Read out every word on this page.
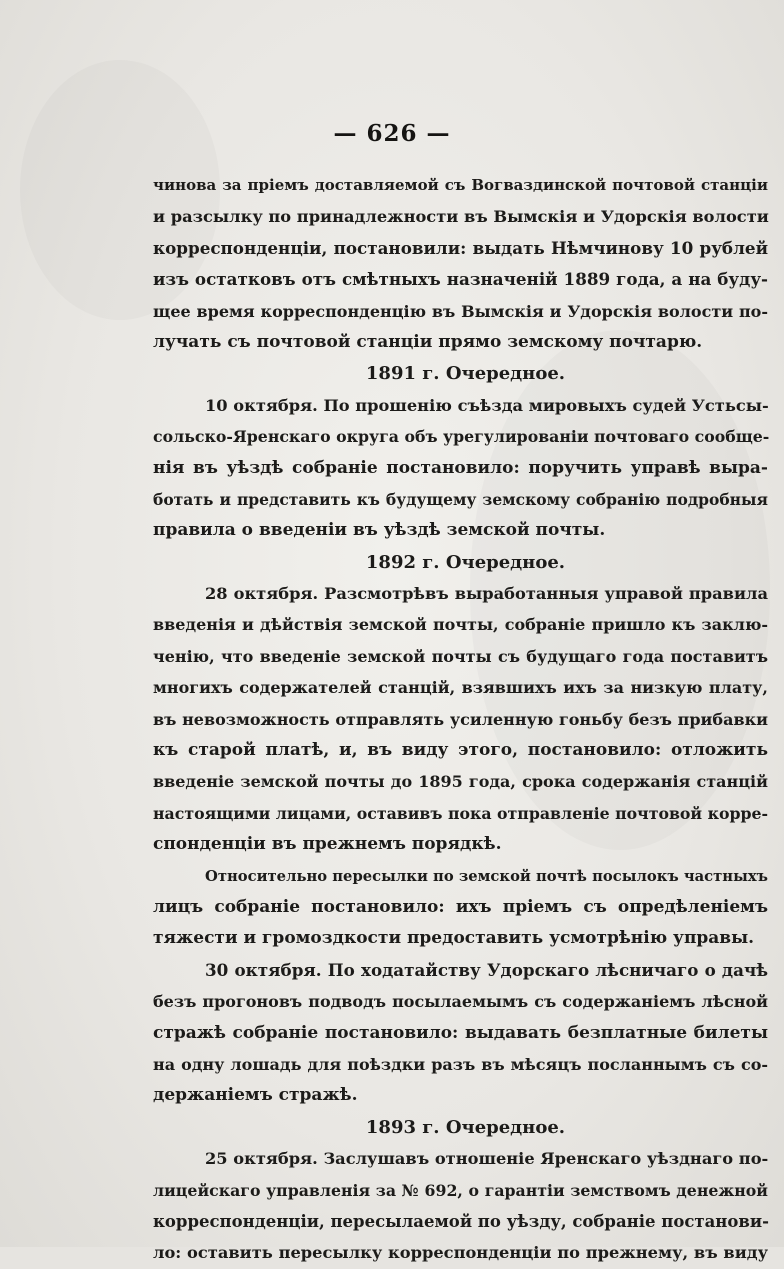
— 626 —
чинова за пріемъ доставляемой съ Вогваздинской почтовой станціи
и разсылку по принадлежности въ Вымскія и Удорскія волости
корреспонденціи, постановили: выдать Нѣмчинову 10 рублей
изъ остатковъ отъ смѣтныхъ назначеній 1889 года, а на буду-
щее время корреспонденцію въ Вымскія и Удорскія волости по-
лучать съ почтовой станціи прямо земскому почтарю.
1891 г. Очередное.
10 октября. По прошенію съѣзда мировыхъ судей Устьсы-
сольско-Яренскаго округа объ урегулированіи почтоваго сообще-
нія въ уѣздѣ собраніе постановило: поручить управѣ выра-
ботать и представить къ будущему земскому собранію подробныя
правила о введеніи въ уѣздѣ земской почты.
1892 г. Очередное.
28 октября. Разсмотрѣвъ выработанныя управой правила
введенія и дѣйствія земской почты, собраніе пришло къ заклю-
ченію, что введеніе земской почты съ будущаго года поставитъ
многихъ содержателей станцій, взявшихъ ихъ за низкую плату,
въ невозможность отправлять усиленную гоньбу безъ прибавки
къ старой платѣ, и, въ виду этого, постановило: отложить
введеніе земской почты до 1895 года, срока содержанія станцій
настоящими лицами, оставивъ пока отправленіе почтовой корре-
спонденціи въ прежнемъ порядкѣ.
Относительно пересылки по земской почтѣ посылокъ частныхъ
лицъ собраніе постановило: ихъ пріемъ съ опредѣленіемъ
тяжести и громоздкости предоставить усмотрѣнію управы.
30 октября. По ходатайству Удорскаго лѣсничаго о дачѣ
безъ прогоновъ подводъ посылаемымъ съ содержаніемъ лѣсной
стражѣ собраніе постановило: выдавать безплатные билеты
на одну лошадь для поѣздки разъ въ мѣсяцъ посланнымъ съ со-
держаніемъ стражѣ.
1893 г. Очередное.
25 октября. Заслушавъ отношеніе Яренскаго уѣзднаго по-
лицейскаго управленія за № 692, о гарантіи земствомъ денежной
корреспонденціи, пересылаемой по уѣзду, собраніе постанови-
ло: оставить пересылку корреспонденціи по прежнему, въ виду
